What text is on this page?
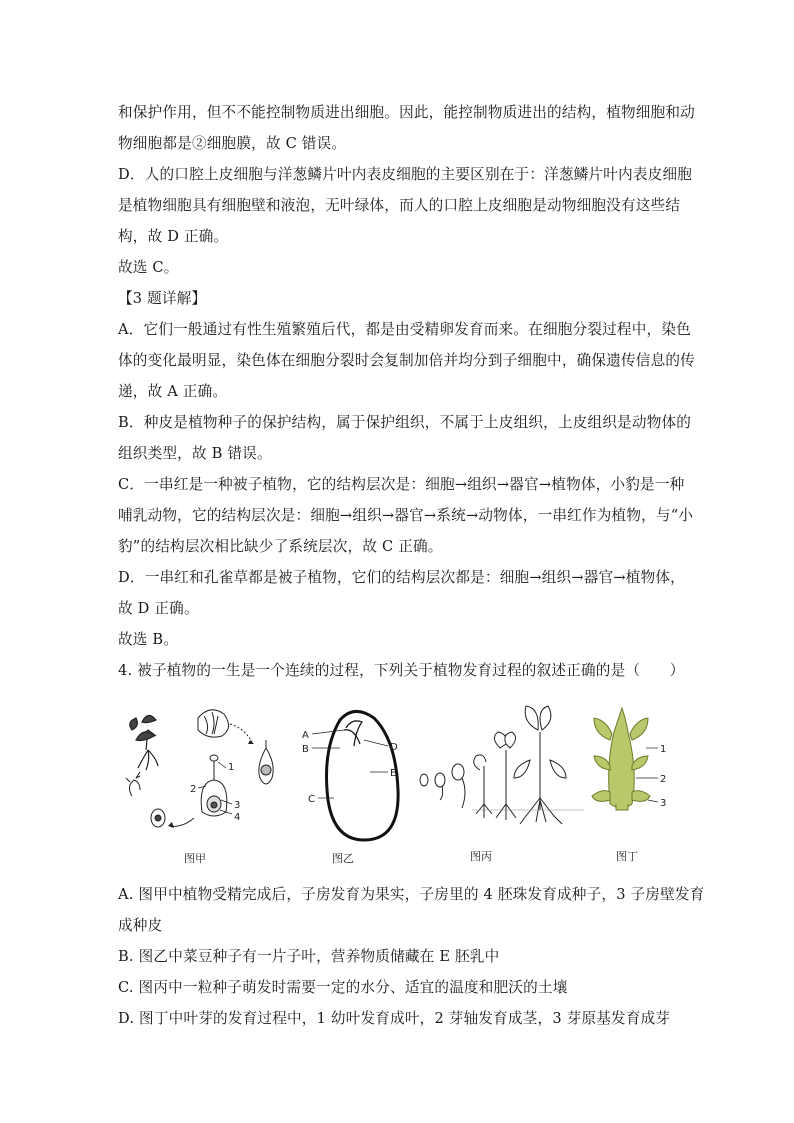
和保护作用，但不不能控制物质进出细胞。因此，能控制物质进出的结构，植物细胞和动
物细胞都是②细胞膜，故 C 错误。
D．人的口腔上皮细胞与洋葱鳞片叶内表皮细胞的主要区别在于：洋葱鳞片叶内表皮细胞
是植物细胞具有细胞壁和液泡，无叶绿体，而人的口腔上皮细胞是动物细胞没有这些结
构，故 D 正确。
故选 C。
【3 题详解】
A．它们一般通过有性生殖繁殖后代，都是由受精卵发育而来。在细胞分裂过程中，染色
体的变化最明显，染色体在细胞分裂时会复制加倍并均分到子细胞中，确保遗传信息的传
递，故 A 正确。
B．种皮是植物种子的保护结构，属于保护组织，不属于上皮组织，上皮组织是动物体的
组织类型，故 B 错误。
C．一串红是一种被子植物，它的结构层次是：细胞→组织→器官→植物体，小豹是一种
哺乳动物，它的结构层次是：细胞→组织→器官→系统→动物体，一串红作为植物，与“小
豹”的结构层次相比缺少了系统层次，故 C 正确。
D．一串红和孔雀草都是被子植物，它们的结构层次都是：细胞→组织→器官→植物体，
故 D 正确。
故选 B。
4. 被子植物的一生是一个连续的过程，下列关于植物发育过程的叙述正确的是（　　）
1
2
3
4
图甲
A
B
C
D
E
图乙	图丙
1
2
3
图丁
A. 图甲中植物受精完成后，子房发育为果实，子房里的 4 胚珠发育成种子，3 子房壁发育
成种皮
B. 图乙中菜豆种子有一片子叶，营养物质储藏在 E 胚乳中
C. 图丙中一粒种子萌发时需要一定的水分、适宜的温度和肥沃的土壤
D. 图丁中叶芽的发育过程中，1 幼叶发育成叶，2 芽轴发育成茎，3 芽原基发育成芽
